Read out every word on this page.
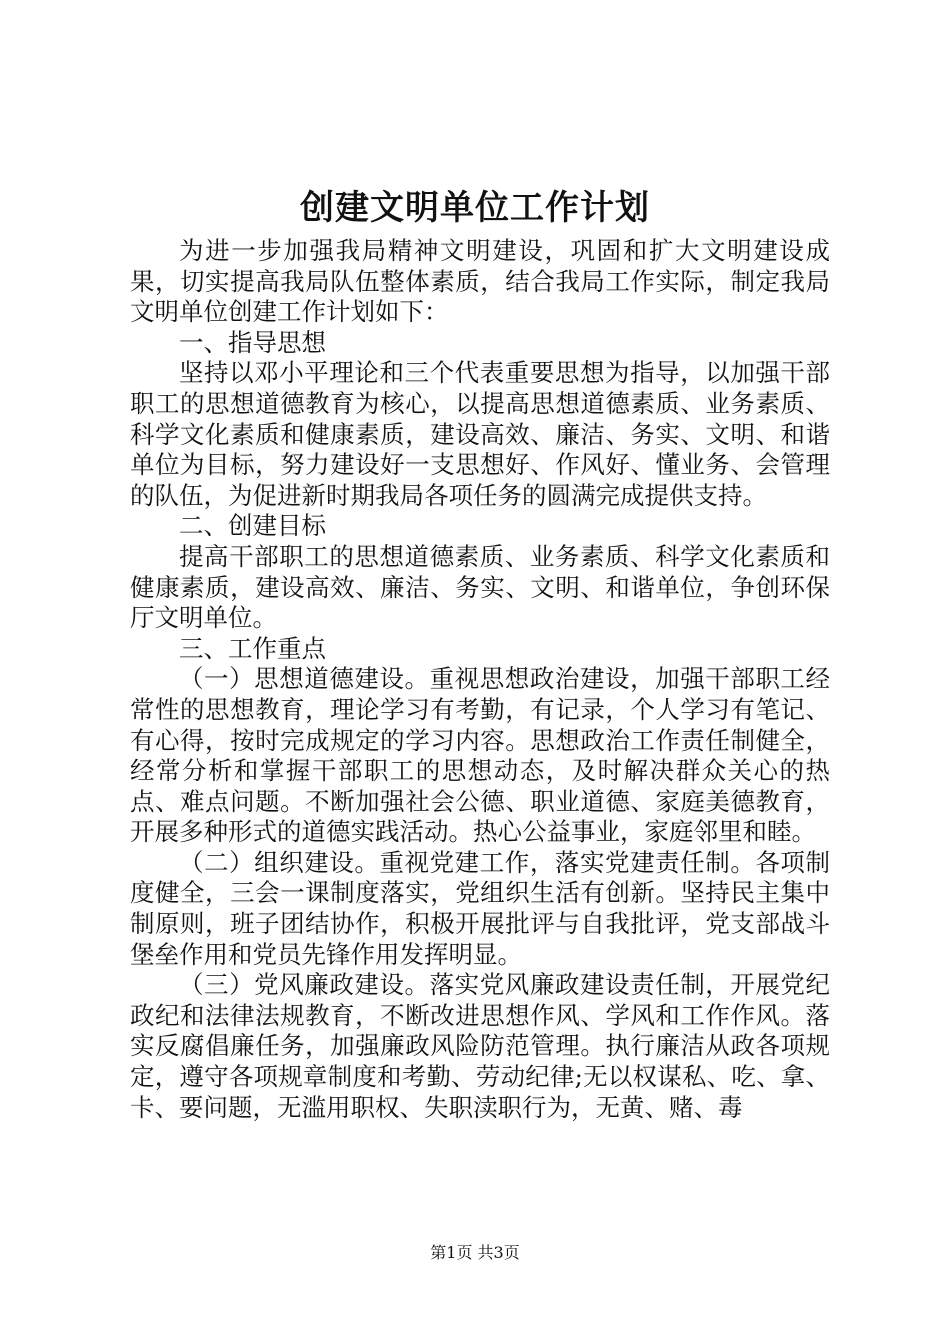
创建文明单位工作计划

为进一步加强我局精神文明建设，巩固和扩大文明建设成果，切实提高我局队伍整体素质，结合我局工作实际，制定我局文明单位创建工作计划如下：

一、指导思想

坚持以邓小平理论和三个代表重要思想为指导，以加强干部职工的思想道德教育为核心，以提高思想道德素质、业务素质、科学文化素质和健康素质，建设高效、廉洁、务实、文明、和谐单位为目标，努力建设好一支思想好、作风好、懂业务、会管理的队伍，为促进新时期我局各项任务的圆满完成提供支持。

二、创建目标

提高干部职工的思想道德素质、业务素质、科学文化素质和健康素质，建设高效、廉洁、务实、文明、和谐单位，争创环保厅文明单位。

三、工作重点

（一）思想道德建设。重视思想政治建设，加强干部职工经常性的思想教育，理论学习有考勤，有记录，个人学习有笔记、有心得，按时完成规定的学习内容。思想政治工作责任制健全，经常分析和掌握干部职工的思想动态，及时解决群众关心的热点、难点问题。不断加强社会公德、职业道德、家庭美德教育，开展多种形式的道德实践活动。热心公益事业，家庭邻里和睦。

（二）组织建设。重视党建工作，落实党建责任制。各项制度健全，三会一课制度落实，党组织生活有创新。坚持民主集中制原则，班子团结协作，积极开展批评与自我批评，党支部战斗堡垒作用和党员先锋作用发挥明显。

（三）党风廉政建设。落实党风廉政建设责任制，开展党纪政纪和法律法规教育，不断改进思想作风、学风和工作作风。落实反腐倡廉任务，加强廉政风险防范管理。执行廉洁从政各项规定，遵守各项规章制度和考勤、劳动纪律;无以权谋私、吃、拿、卡、要问题，无滥用职权、失职渎职行为，无黄、赌、毒

第1页 共3页
